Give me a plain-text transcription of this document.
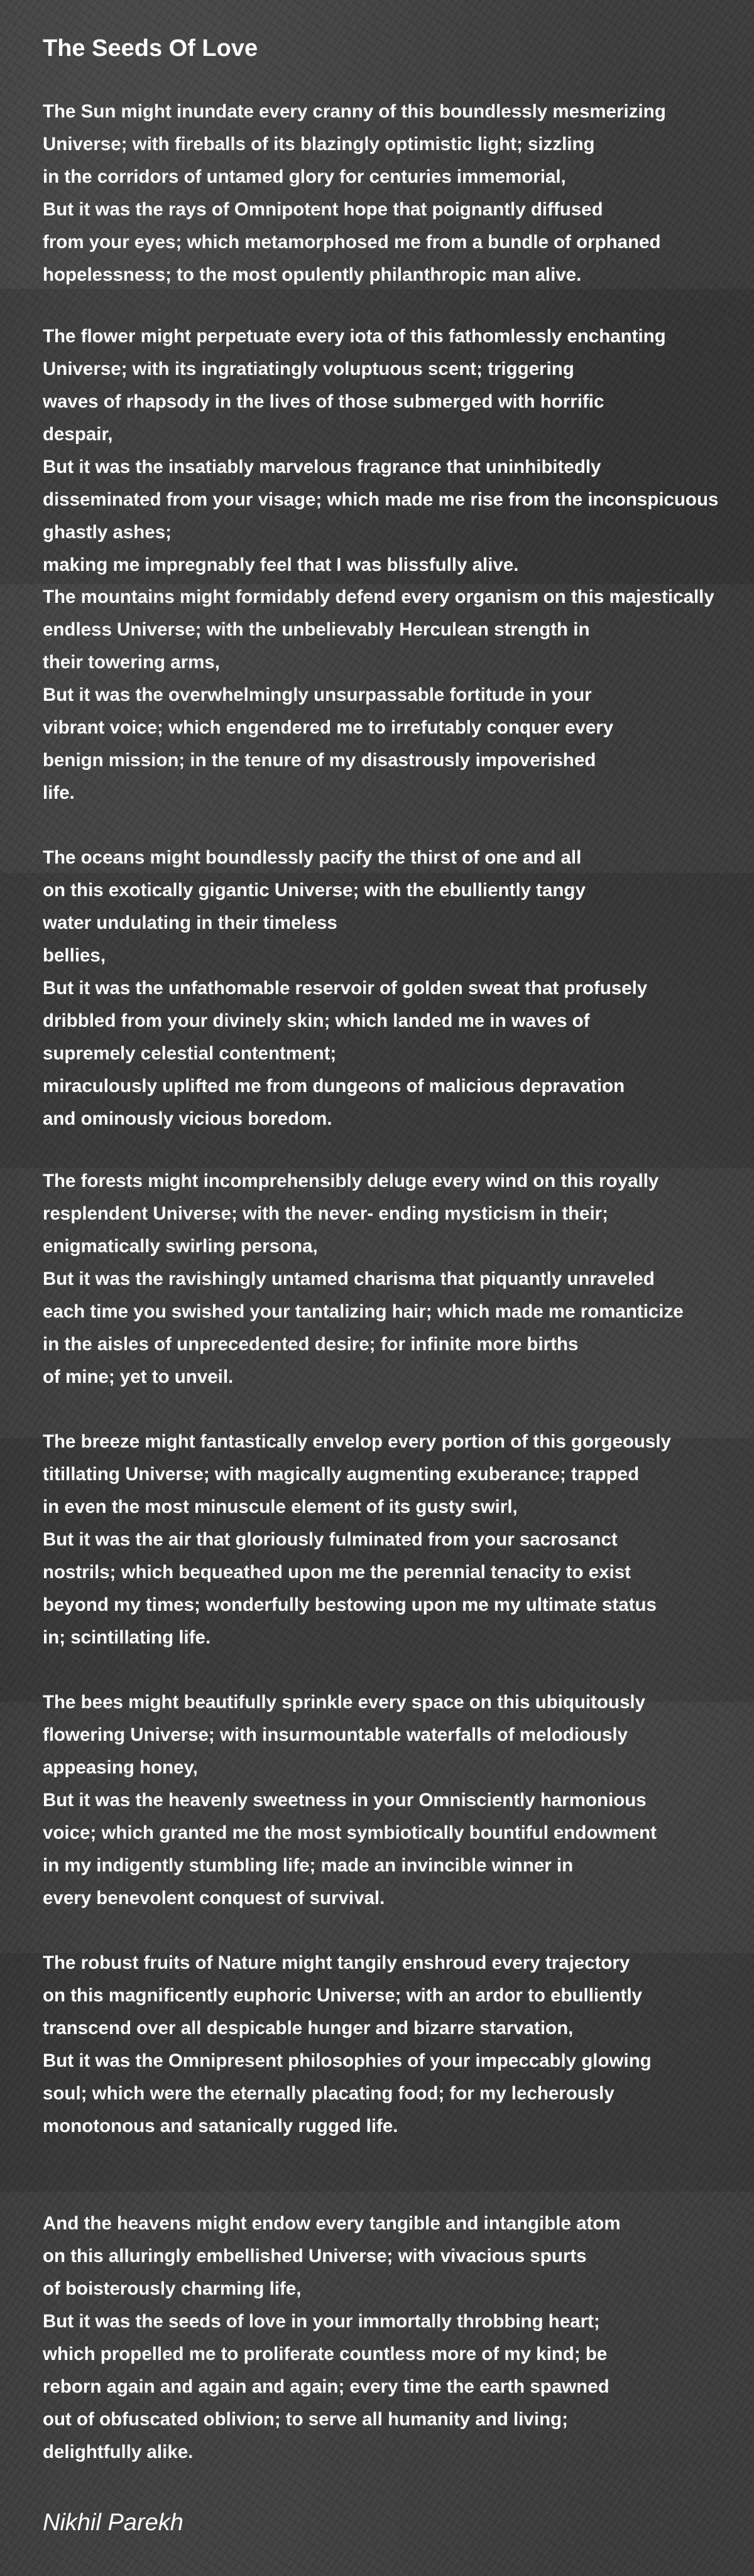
The Seeds Of Love
The Sun might inundate every cranny of this boundlessly mesmerizing
Universe; with fireballs of its blazingly optimistic light; sizzling
in the corridors of untamed glory for centuries immemorial,
But it was the rays of Omnipotent hope that poignantly diffused
from your eyes; which metamorphosed me from a bundle of orphaned
hopelessness; to the most opulently philanthropic man alive.
The flower might perpetuate every iota of this fathomlessly enchanting
Universe; with its ingratiatingly voluptuous scent; triggering
waves of rhapsody in the lives of those submerged with horrific
despair,
But it was the insatiably marvelous fragrance that uninhibitedly
disseminated from your visage; which made me rise from the inconspicuous
ghastly ashes;
making me impregnably feel that I was blissfully alive.
The mountains might formidably defend every organism on this majestically
endless Universe; with the unbelievably Herculean strength in
their towering arms,
But it was the overwhelmingly unsurpassable fortitude in your
vibrant voice; which engendered me to irrefutably conquer every
benign mission; in the tenure of my disastrously impoverished
life.
The oceans might boundlessly pacify the thirst of one and all
on this exotically gigantic Universe; with the ebulliently tangy
water undulating in their timeless
bellies,
But it was the unfathomable reservoir of golden sweat that profusely
dribbled from your divinely skin; which landed me in waves of
supremely celestial contentment;
miraculously uplifted me from dungeons of malicious depravation
and ominously vicious boredom.
The forests might incomprehensibly deluge every wind on this royally
resplendent Universe; with the never- ending mysticism in their;
enigmatically swirling persona,
But it was the ravishingly untamed charisma that piquantly unraveled
each time you swished your tantalizing hair; which made me romanticize
in the aisles of unprecedented desire; for infinite more births
of mine; yet to unveil.
The breeze might fantastically envelop every portion of this gorgeously
titillating Universe; with magically augmenting exuberance; trapped
in even the most minuscule element of its gusty swirl,
But it was the air that gloriously fulminated from your sacrosanct
nostrils; which bequeathed upon me the perennial tenacity to exist
beyond my times; wonderfully bestowing upon me my ultimate status
in; scintillating life.
The bees might beautifully sprinkle every space on this ubiquitously
flowering Universe; with insurmountable waterfalls of melodiously
appeasing honey,
But it was the heavenly sweetness in your Omnisciently harmonious
voice; which granted me the most symbiotically bountiful endowment
in my indigently stumbling life; made an invincible winner in
every benevolent conquest of survival.
The robust fruits of Nature might tangily enshroud every trajectory
on this magnificently euphoric Universe; with an ardor to ebulliently
transcend over all despicable hunger and bizarre starvation,
But it was the Omnipresent philosophies of your impeccably glowing
soul; which were the eternally placating food; for my lecherously
monotonous and satanically rugged life.
And the heavens might endow every tangible and intangible atom
on this alluringly embellished Universe; with vivacious spurts
of boisterously charming life,
But it was the seeds of love in your immortally throbbing heart;
which propelled me to proliferate countless more of my kind; be
reborn again and again and again; every time the earth spawned
out of obfuscated oblivion; to serve all humanity and living;
delightfully alike.
Nikhil Parekh
